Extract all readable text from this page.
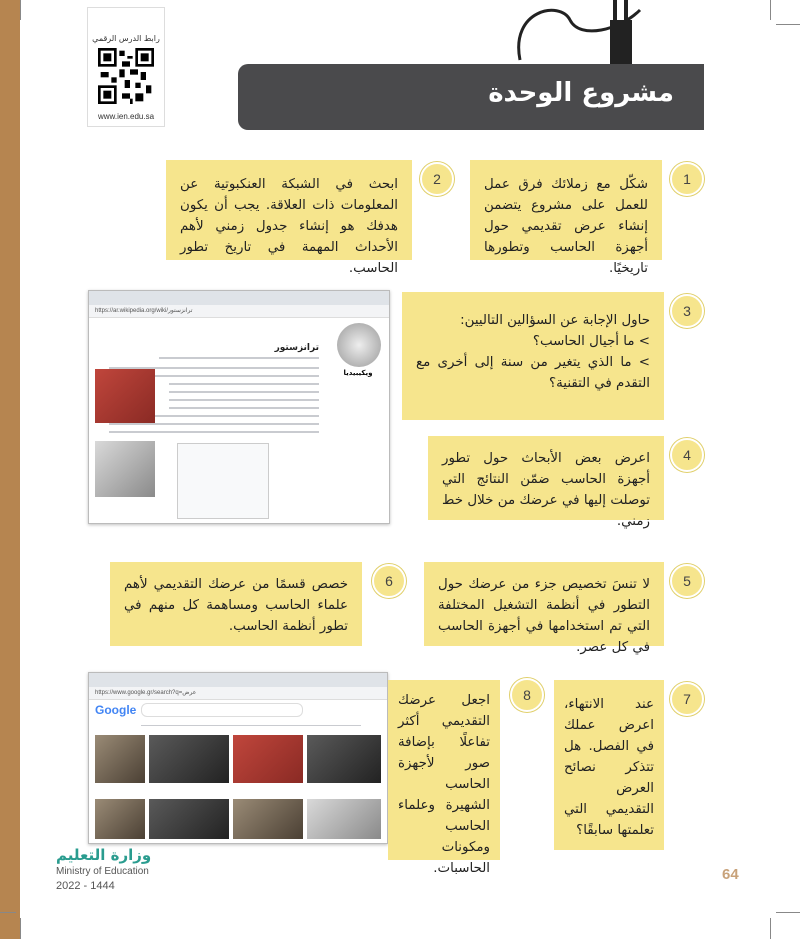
رابط الدرس الرقمي
www.ien.edu.sa
مشروع الوحدة

شكّل مع زملائك فرق عمل للعمل على مشروع يتضمن إنشاء عرض تقديمي حول أجهزة الحاسب وتطورها تاريخيًا.

1

ابحث في الشبكة العنكبوتية عن المعلومات ذات العلاقة. يجب أن يكون هدفك هو إنشاء جدول زمني لأهم الأحداث المهمة في تاريخ تطور الحاسب.

2
https://ar.wikipedia.org/wiki/ترانزستور
ويكيبيديا
ترانزستور

حاول الإجابة عن السؤالين التاليين:

> ما أجيال الحاسب؟

> ما الذي يتغير من سنة إلى أخرى مع التقدم في التقنية؟

3

اعرض بعض الأبحاث حول تطور أجهزة الحاسب ضمّن النتائج التي توصلت إليها في عرضك من خلال خط زمني.

4

لا تنسَ تخصيص جزء من عرضك حول التطور في أنظمة التشغيل المختلفة التي تم استخدامها في أجهزة الحاسب في كل عصر.

5

خصص قسمًا من عرضك التقديمي لأهم علماء الحاسب ومساهمة كل منهم في تطور أنظمة الحاسب.

6
https://www.google.gr/search?q=عرض
Google	عند الانتهاء، اعرض عملك في الفصل. هل تتذكر نصائح العرض التقديمي التي تعلمتها سابقًا؟

7

اجعل عرضك التقديمي أكثر تفاعلًا بإضافة صور لأجهزة الحاسب الشهيرة وعلماء الحاسب ومكونات الحاسبات.

8
وزارة التعليم
Ministry of Education
2022 - 1444
64
